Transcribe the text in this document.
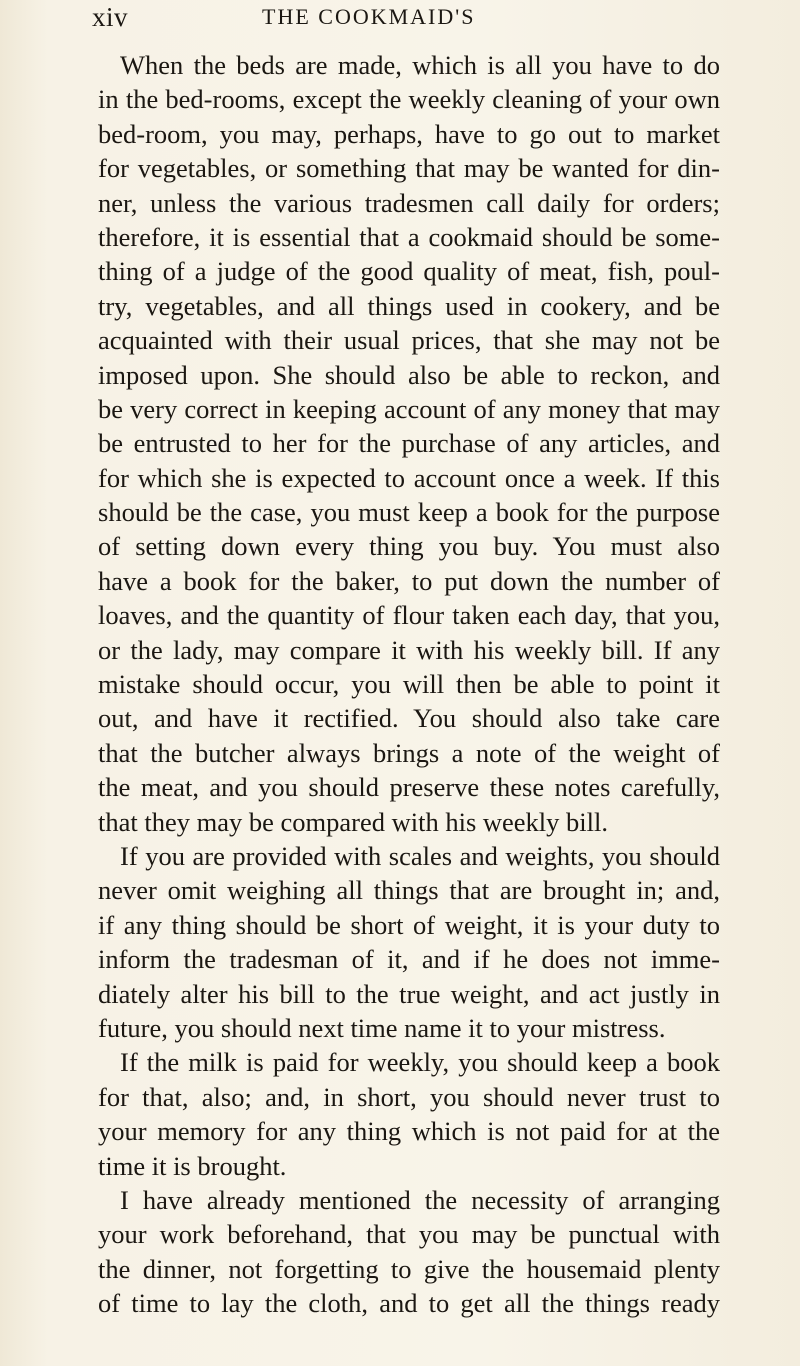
xiv	THE COOKMAID'S
When the beds are made, which is all you have to do
in the bed-rooms, except the weekly cleaning of your own
bed-room, you may, perhaps, have to go out to market
for vegetables, or something that may be wanted for din-
ner, unless the various tradesmen call daily for orders;
therefore, it is essential that a cookmaid should be some-
thing of a judge of the good quality of meat, fish, poul-
try, vegetables, and all things used in cookery, and be
acquainted with their usual prices, that she may not be
imposed upon. She should also be able to reckon, and
be very correct in keeping account of any money that may
be entrusted to her for the purchase of any articles, and
for which she is expected to account once a week. If this
should be the case, you must keep a book for the purpose
of setting down every thing you buy. You must also
have a book for the baker, to put down the number of
loaves, and the quantity of flour taken each day, that you,
or the lady, may compare it with his weekly bill. If any
mistake should occur, you will then be able to point it
out, and have it rectified. You should also take care
that the butcher always brings a note of the weight of
the meat, and you should preserve these notes carefully,
that they may be compared with his weekly bill.
If you are provided with scales and weights, you should
never omit weighing all things that are brought in; and,
if any thing should be short of weight, it is your duty to
inform the tradesman of it, and if he does not imme-
diately alter his bill to the true weight, and act justly in
future, you should next time name it to your mistress.
If the milk is paid for weekly, you should keep a book
for that, also; and, in short, you should never trust to
your memory for any thing which is not paid for at the
time it is brought.
I have already mentioned the necessity of arranging
your work beforehand, that you may be punctual with
the dinner, not forgetting to give the housemaid plenty
of time to lay the cloth, and to get all the things ready
